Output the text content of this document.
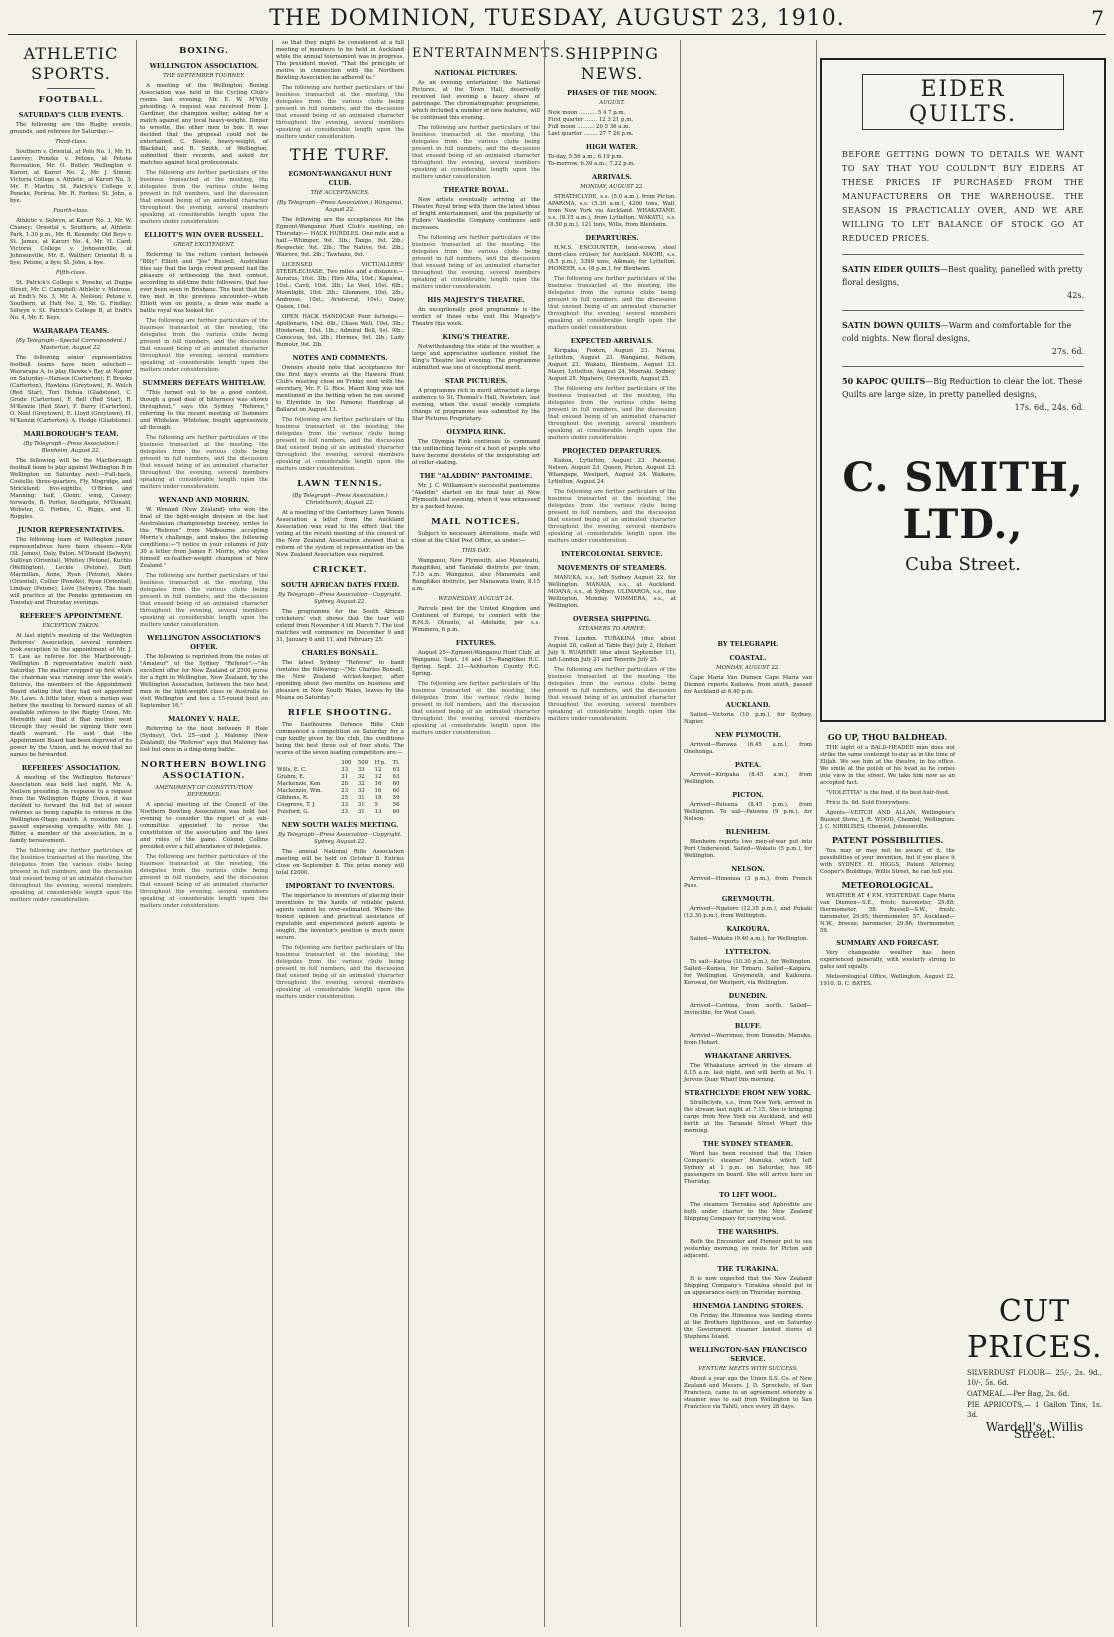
THE DOMINION, TUESDAY, AUGUST 23, 1910.	7
ATHLETIC SPORTS.
FOOTBALL.
SATURDAY'S CLUB EVENTS.

The following are the Rugby events, grounds, and referees for Saturday:—

Third-class.

Southern v. Oriental, at Polo No. 1, Mr. H. Lawvey; Poneke v. Petone, at Petone Recreation, Mr. O. Butler; Wellington v. Karori, at Karori No. 2, Mr. J. Simon; Victoria College v. Athletic, at Karori No. 3, Mr. F. Martin; St. Patrick's College v. Poneke, Porirua, Mr. R. Forbes; St. John, a bye.

Fourth-class.

Athletic v. Selwyn, at Karori No. 3, Mr. W. Chaney; Oriental v. Southern, at Athletic Park, 1.30 p.m., Mr. R. Kennedy; Old Boys v. St. James, at Karori No. 4, Mr. H. Card; Victoria College v. Johnsonville, at Johnsonville, Mr. E. Walther; Oriental B, a bye; Petone, a bye; St. John, a bye.

Fifth-class.

St. Patrick's College v. Poneke, at Duppa Street, Mr. C. Campbell; Athletic v. Melrose, at Endt's No. 3, Mr. A. Neilson; Petone v. Southern, at Hutt No. 2, Mr. G. Findlay; Selwyn v. St. Patrick's College B, at Endt's No. 4, Mr. E. Keys.

WAIRARAPA TEAMS.
(By Telegraph—Special Correspondent.) Masterton, August 22.

The following senior representative football teams have been selected:— Wairarapa A, to play Hawke's Bay at Napier on Saturday—Hansen (Carterton); F. Brooks (Carterton), Hawkins (Greytown), R. Welch (Red Star), Tori Hohua (Gladstone), C. Grode (Carterton), F. Bell (Red Star), R. M'Kenzie (Red Star), F. Barry (Carterton), O. Noel (Greytown), E. Lloyd (Greytown), H. M'Kenzie (Carterton), A. Hodge (Gladstone).

MARLBOROUGH'S TEAM.
(By Telegraph—Press Association.) Blenheim, August 22.

The following will be the Marlborough football team to play against Wellington B in Wellington on Saturday next:—Full-back, Costello; three-quarters, Fly, Mogridge, and Strickland; five-eighths, O'Brien and Manning; half, Glenn; wing, Cassey; forwards, B. Porter, Southgate, M'Donald, Webster, G. Forbes, C. Riggs, and E. Ruggles.

JUNIOR REPRESENTATIVES.

The following team of Wellington junior representatives have been chosen:—Kyle (St. James), Daly, Paton, M'Donald (Selwyn), Sullivan (Oriental), Whitley (Petone), Kuchlo (Wellington), Leckie (Petone), Duff, Macmillan, Anne, Ryan (Petone), Akers (Oriental), Collier (Poneke), Ryan (Oriental), Lindsay (Petone), Love (Selwyn). The team will practice at the Poneke gymnasium on Tuesday and Thursday evenings.

REFEREE'S APPOINTMENT.
EXCEPTION TAKEN.

At last night's meeting of the Wellington Referees' Association, several members took exception to the appointment of Mr. J. T. Law as referee for the Marlborough-Wellington B representative match next Saturday. The matter cropped up first when the chairman was running over the week's fixtures, the members of the Appointment Board stating that they had not appointed Mr. Laws. A little later, when a motion was before the meeting to forward names of all available referees to the Rugby Union, Mr. Meredith said that if that motion went through they would be signing their own death warrant. He said that the Appointment Board had been deprived of its power by the Union, and he moved that no names be forwarded.

REFEREES' ASSOCIATION.

A meeting of the Wellington Referees' Association was held last night, Mr. A. Neilson presiding. In response to a request from the Wellington Rugby Union, it was decided to forward the full list of senior referees as being capable to referee in the Wellington-Otago match. A resolution was passed expressing sympathy with Mr. J. Ritter, a member of the association, in a family bereavement.

The following are further particulars of the business transacted at the meeting, the delegates from the various clubs being present in full numbers, and the discussion that ensued being of an animated character throughout the evening, several members speaking at considerable length upon the matters under consideration.

BOXING.
WELLINGTON ASSOCIATION.
THE SEPTEMBER TOURNEY.

A meeting of the Wellington Boxing Association was held in the Cycling Club's rooms last evening, Mr. E. W. M'Villy presiding. A request was received from J. Gardiner, the champion welter, asking for a match against any local heavy-weight. Dinner to wrestle, the other men to box. It was decided that the proposal could not be entertained. C. Steele, heavy-weight, of Blackball, and R. Smith, of Wellington, submitted their records, and asked for matches against local professionals.

The following are further particulars of the business transacted at the meeting, the delegates from the various clubs being present in full numbers, and the discussion that ensued being of an animated character throughout the evening, several members speaking at considerable length upon the matters under consideration.

ELLIOTT'S WIN OVER RUSSELL.
GREAT EXCITEMENT.

Referring to the return contest between "Billy" Elliott and "Joe" Russell, Australian files say that the large crowd present had the pleasure of witnessing the best contest, according to old-time fistic followers, that has ever been seen in Brisbane. The bout that the two met in the previous encounter—when Elliott won on points, a draw was made a battle royal was looked for.

The following are further particulars of the business transacted at the meeting, the delegates from the various clubs being present in full numbers, and the discussion that ensued being of an animated character throughout the evening, several members speaking at considerable length upon the matters under consideration.

SUMMERS DEFEATS WHITELAW.

"This turned out to be a good contest, though a good deal of bitterness was shown throughout," says the Sydney "Referee," referring to the recent meeting of Summers and Whitelaw. Whitelaw, fought aggressively all through.

The following are further particulars of the business transacted at the meeting, the delegates from the various clubs being present in full numbers, and the discussion that ensued being of an animated character throughout the evening, several members speaking at considerable length upon the matters under consideration.

WENAND AND MORRIN.

W. Wenand (New Zealand) who won the final of the light-weight division in the last Australasian championship tourney, writes to the "Referee" from Melbourne accepting Morris's challenge, and makes the following conditions:—"I notice in your columns of July 30 a letter from James F. Morris, who styles himself ex-feather-weight champion of New Zealand."

The following are further particulars of the business transacted at the meeting, the delegates from the various clubs being present in full numbers, and the discussion that ensued being of an animated character throughout the evening, several members speaking at considerable length upon the matters under consideration.

WELLINGTON ASSOCIATION'S OFFER.

The following is reprinted from the notes of "Amateur" of the Sydney "Referee":—"An excellent offer for New Zealand of 2500 purse for a fight in Wellington, New Zealand, by the Wellington Association, between the two best men in the light-weight class in Australia to visit Wellington and box a 15-round bout on September 16."

MALONEY V. HALE.

Referring to the bout between P. Hale (Sydney), Oct. 25—and J. Maloney (New Zealand), the "Referee" says that Maloney has lost but once in a ding-dong battle.

NORTHERN BOWLING ASSOCIATION.
AMENDMENT OF CONSTITUTION DEFERRED.

A special meeting of the Council of the Northern Bowling Association was held last evening to consider the report of a sub-committee appointed to revise the constitution of the association and the laws and rules of the game. Colonel Collins presided over a full attendance of delegates.

The following are further particulars of the business transacted at the meeting, the delegates from the various clubs being present in full numbers, and the discussion that ensued being of an animated character throughout the evening, several members speaking at considerable length upon the matters under consideration.

so that they might be considered at a full meeting of members to be held in Auckland while the annual tournament was in progress. The president moved, "That the principle of motive in connection with the Northern Bowling Association be adhered to."

The following are further particulars of the business transacted at the meeting, the delegates from the various clubs being present in full numbers, and the discussion that ensued being of an animated character throughout the evening, several members speaking at considerable length upon the matters under consideration.

THE TURF.
EGMONT-WANGANUI HUNT CLUB.
THE ACCEPTANCES.
(By Telegraph—Press Association.) Wanganui, August 22.

The following are the acceptances for the Egmont-Wanganui Hunt Club's meeting, on Thursday:— HACK HURDLES. One mile and a half.—Whimper, 9st. 3lb.; Tango, 9st. 2lb.; Respecter, 9st. 2lb.; The Native, 9st. 2lb.; Wairere, 9st. 2lb.; Tawhane, 9st.

LICENSED VICTUALLERS' STEEPLECHASE. Two miles and a distance.—Auratus, 10st. 3lb.; Hiro Atta, 10st.; Kapawai, 10st.; Cavil, 10st. 2lb.; Le Veel, 10st. 6lb.; Moonlight, 10st. 2lb.; Glenmore, 10st. 2lb.; Ambrose, 10st.; Aristocrat, 10st.; Daisy Queen, 10st.

OPEN HACK HANDICAP. Four furlongs.—Apollonaris, 10st. 6lb.; Chase Well, 10st. 3lb.; Hinderson, 10st. 1lb.; Admiral Bell, 9st. 9lb.; Canocous, 9st. 2lb.; Hermes, 9st. 2lb.; Lady Rumour, 9st. 2lb.

NOTES AND COMMENTS.

Owners should note that acceptances for the first day's events at the Hawera Hunt Club's meeting close on Friday next with the secretary, Mr. F. G. Rice. Maori King was not mentioned in the betting when he ran second to Elymtide in the Pamono Handicap at Ballarat on August 13.

The following are further particulars of the business transacted at the meeting, the delegates from the various clubs being present in full numbers, and the discussion that ensued being of an animated character throughout the evening, several members speaking at considerable length upon the matters under consideration.

LAWN TENNIS.
(By Telegraph—Press Association.) Christchurch, August 22.

At a meeting of the Canterbury Lawn Tennis Association a letter from the Auckland Association was read to the effect that the voting at the recent meeting of the council of the New Zealand Association showed that a reform of the system of representation on the New Zealand Association was required.

CRICKET.
SOUTH AFRICAN DATES FIXED.
By Telegraph—Press Association—Copyright. Sydney, August 22.

The programme for the South African cricketers' visit shows that the tour will extend from November 4 till March 7. The test matches will commence on December 9 and 31, January 6 and 11, and February 25.

CHARLES BONSALL.

The latest Sydney "Referee" to hand contains the following:—"Mr. Charles Bonsall, the New Zealand wicket-keeper, after spending about two months on business and pleasure in New South Wales, leaves by the Moana on Saturday."

RIFLE SHOOTING.

The Eastbourne Defence Rifle Club commenced a competition on Saturday for a cup kindly given by the club, the conditions being the best three out of four shots. The scores of the seven leading competitors are:—

	300	500	H'p.	Tl.
Wills, E. C.	33	33	12	63
Grahm, E.	31	32	12	63
Mackenzie, Ken	28	32	16	60
Mackenzie, Wm.	23	33	16	60
Gibbons, R.	25	31	18	59
Cosgrove, T. J.	33	31	5	56
Pulsford, G.	33	31	13	60
NEW SOUTH WALES MEETING.
By Telegraph—Press Association—Copyright. Sydney, August 22.

The annual National Rifle Association meeting will be held on October 8. Entries close on September 8. The prize money will total £2000.

IMPORTANT TO INVENTORS.

The importance to inventors of placing their inventions in the hands of reliable patent agents cannot be over-estimated. Where the honest opinion and practical assistance of reputable and experienced patent agents is sought, the inventor's position is much more secure.

The following are further particulars of the business transacted at the meeting, the delegates from the various clubs being present in full numbers, and the discussion that ensued being of an animated character throughout the evening, several members speaking at considerable length upon the matters under consideration.

ENTERTAINMENTS.
NATIONAL PICTURES.

As an evening entertainer, the National Pictures, at the Town Hall, deservedly received last evening a heavy share of patronage. The chromatographic programme, which included a number of new features, will be continued this evening.

The following are further particulars of the business transacted at the meeting, the delegates from the various clubs being present in full numbers, and the discussion that ensued being of an animated character throughout the evening, several members speaking at considerable length upon the matters under consideration.

THEATRE ROYAL.

New artists eventually arriving at the Theatre Royal bring with them the latest ideas of bright entertainment, and the popularity of Fullers' Vaudeville Company continues and increases.

The following are further particulars of the business transacted at the meeting, the delegates from the various clubs being present in full numbers, and the discussion that ensued being of an animated character throughout the evening, several members speaking at considerable length upon the matters under consideration.

HIS MAJESTY'S THEATRE.

An exceptionally good programme is the verdict of those who visit His Majesty's Theatre this week.

KING'S THEATRE.

Notwithstanding the state of the weather, a large and appreciative audience visited the King's Theatre last evening. The programme submitted was one of exceptional merit.

STAR PICTURES.

A programme rich in merit attracted a large audience to St. Thomas's Hall, Newtown, last evening, when the usual weekly complete change of programme was submitted by the Star Pictures Proprietary.

OLYMPIA RINK.

The Olympia Rink continues to command the unflinching favour of a host of people who have become devotees of the invigorating art of roller-skating.

THE "ALADDIN" PANTOMIME.

Mr. J. C. Williamson's successful pantomime "Aladdin" started on its final tour at New Plymouth last evening, when it was witnessed by a packed house.

MAIL NOTICES.

Subject to necessary alterations, mails will close at the Chief Post Office, as under:—

THIS DAY.

Wanganui, New Plymouth, also Manawatu, Rangitikei, and Taranaki districts per train, 7.15 a.m. Wanganui, also Manawatu and Rangitikei districts, per Manawatu train, 8.15 a.m.

WEDNESDAY, AUGUST 24.

Parcels post for the United Kingdom and Continent of Europe, to connect with the R.M.S. Otranto, at Adelaide, per s.s. Wimmera, 6 p.m.

FIXTURES.

August 25—Egmont-Wanganui Hunt Club, at Wanganui. Sept. 14 and 15—Rangitikei R.C. Spring. Sept. 21—Ashburton County R.C. Spring.

The following are further particulars of the business transacted at the meeting, the delegates from the various clubs being present in full numbers, and the discussion that ensued being of an animated character throughout the evening, several members speaking at considerable length upon the matters under consideration.

SHIPPING NEWS.
PHASES OF THE MOON.
AUGUST.
New moon .......... 5 4 7 p.m.
First quarter ....... 12 3 21 p.m.
Full moon .......... 20 5 36 a.m.
Last quarter ........ 27 7 26 p.m.
HIGH WATER.
To-day, 5.56 a.m.; 6.19 p.m.
To-morrow, 6.30 a.m.; 7.22 p.m.
ARRIVALS.
MONDAY, AUGUST 22.

STRATHCLYDE, s.s. (5.0 a.m.), from Picton. APARIMA, s.s. (5.30 a.m.), 4200 tons, Wall, from New York via Auckland. WHAKATANE, s.s. (8.15 a.m.), from Lyttelton. WAKATU, s.s. (8.50 p.m.), 121 tons, Wills, from Blenheim.

DEPARTURES.

H.M.S. ENCOUNTER, twin-screw, steel third-class cruiser, for Auckland. MAORI, s.s. (8.5 p.m.), 3399 tons, Aikman, for Lyttelton. PIONEER, s.s. (8 p.m.), for Blenheim.

The following are further particulars of the business transacted at the meeting, the delegates from the various clubs being present in full numbers, and the discussion that ensued being of an animated character throughout the evening, several members speaking at considerable length upon the matters under consideration.

EXPECTED ARRIVALS.

Kiripaka, Foxton, August 23. Navua, Lyttelton, August 23. Wanganui, Nelson, August 23. Wakatu, Blenheim, August 23. Maori, Lyttelton, August 24. Moeraki, Sydney, August 25. Ngahere, Greymouth, August 25.

The following are further particulars of the business transacted at the meeting, the delegates from the various clubs being present in full numbers, and the discussion that ensued being of an animated character throughout the evening, several members speaking at considerable length upon the matters under consideration.

PROJECTED DEPARTURES.

Kaitoa, Lyttelton, August 23. Pateena, Nelson, August 23. Queen, Picton, August 23. Whangape, Westport, August 24. Waikare, Lyttelton, August 24.

The following are further particulars of the business transacted at the meeting, the delegates from the various clubs being present in full numbers, and the discussion that ensued being of an animated character throughout the evening, several members speaking at considerable length upon the matters under consideration.

INTERCOLONIAL SERVICE.
MOVEMENTS OF STEAMERS.

MANUKA, s.s., left Sydney August 22, for Wellington. MANAIA, s.s., at Auckland. MOANA, s.s., at Sydney. ULIMAROA, s.s., due Wellington, Monday. WIMMERA, s.s., at Wellington.

OVERSEA SHIPPING.
STEAMERS TO ARRIVE.

From London. TURAKINA (due about August 28, called at Table Bay) July 2, Hobart July 9. RUAHINE (due about September 11), left London July 21 and Tenerife July 25.

The following are further particulars of the business transacted at the meeting, the delegates from the various clubs being present in full numbers, and the discussion that ensued being of an animated character throughout the evening, several members speaking at considerable length upon the matters under consideration.

BY TELEGRAPH.
COASTAL.
MONDAY, AUGUST 22.

Cape Maria Van Diemen Cape Maria van Diemen reports Kaitawa, from south, passed for Auckland at 6.40 p.m.

AUCKLAND.

Sailed—Victoria (10 p.m.), for Sydney. Napier.

NEW PLYMOUTH.

Arrived—Rarawa (6.45 a.m.), from Onehunga.

PATEA.

Arrived—Kiripaka (8.45 a.m.), from Wellington.

PICTON.

Arrived—Pateena (8.45 p.m.), from Wellington. To sail—Pateena (9 p.m.), for Nelson.

BLENHEIM.

Blenheim reports two men-of-war put into Port Underwood. Sailed—Wakatu (5 p.m.), for Wellington.

NELSON.

Arrived—Hinemoa (3 p.m.), from French Pass.

GREYMOUTH.

Arrived—Ngatoro (12.35 p.m.), and Pukaki (12.30 p.m.), from Wellington.

KAIKOURA.

Sailed—Wakatu (9.40 a.m.), for Wellington.

LYTTELTON.

To sail—Kaitoa (10.30 p.m.), for Wellington. Sailed—Kumea, for Timaru. Sailed—Kaipara, for Wellington, Greymouth, and Kaikoura. Korowai, for Westport, via Wellington.

DUNEDIN.

Arrived—Corinna, from north. Sailed—Invincible, for West Coast.

BLUFF.

Arrived—Warrimoo, from Dunedin; Manuka, from Hobart.

WHAKATANE ARRIVES.

The Whakatane arrived in the stream at 8.15 a.m. last night, and will berth at No. 1 Jervois Quay Wharf this morning.

STRATHCLYDE FROM NEW YORK.

Strathclyde, s.s., from New York, arrived in the stream last night at 7.15. She is bringing cargo from New York via Auckland, and will berth at the Taranaki Street Wharf this morning.

THE SYDNEY STEAMER.

Word has been received that the Union Company's steamer Manuka, which left Sydney at 1 p.m. on Saturday, has 98 passengers on board. She will arrive here on Thursday.

TO LIFT WOOL.

The steamers Terrakea and Aphrodite are both under charter to the New Zealand Shipping Company for carrying wool.

THE WARSHIPS.

Both the Encounter and Pioneer put to sea yesterday morning, on route for Picton and adjacent.

THE TURAKINA.

It is now expected that the New Zealand Shipping Company's Turakina should put in an appearance early on Thursday morning.

HINEMOA LANDING STORES.

On Friday the Hinemoa was landing stores at the Brothers lighthouse, and on Saturday the Government steamer landed stores at Stephens Island.

WELLINGTON-SAN FRANCISCO SERVICE.
VENTURE MEETS WITH SUCCESS.

About a year ago the Union S.S. Co. of New Zealand and Messrs. J. D. Spreckels, of San Francisco, came to an agreement whereby a steamer was to sail from Wellington to San Francisco via Tahiti, once every 28 days.

EIDER QUILTS.
BEFORE GETTING DOWN TO DETAILS WE WANT TO SAY THAT YOU COULDN'T BUY EIDERS AT THESE PRICES IF PURCHASED FROM THE MANUFACTURERS OR THE WAREHOUSE. THE SEASON IS PRACTICALLY OVER, AND WE ARE WILLING TO LET BALANCE OF STOCK GO AT REDUCED PRICES.
SATIN EIDER QUILTS—Best quality, panelled with pretty floral designs,
42s.
SATIN DOWN QUILTS—Warm and comfortable for the cold nights. New floral designs,
27s. 6d.
50 KAPOC QUILTS—Big Reduction to clear the lot. These Quilts are large size, in pretty panelled designs,
17s. 6d., 24s. 6d.
C. SMITH, LTD.,
Cuba Street.
GO UP, THOU BALDHEAD.

THE sight of a BALD-HEADED man does not strike the same contempt to-day as in the time of Elijah. We see him at the theatre, in his office. We smile at the polish of his head as he comes into view in the street. We take him now as an accepted fact.

"VIOLETTIA" is the food, if its best hair-food.

Price 3s. 6d. Sold Everywhere.

Agents—VEITCH AND ALLAN, Wellington's Busiest Store; J. R. WOOD, Chemist, Wellington; J. C. NIBBLISES, Chemist, Johnsonville.

PATENT POSSIBILITIES.

You may or may not be aware of it, the possibilities of your invention, but if you place it with SYDNEY H. HIGGS, Patent Attorney, Cooper's Buildings, Willis Street, he can tell you.

METEOROLOGICAL.

WEATHER AT 4 P.M. YESTERDAY. Cape Maria van Diemen—S.E., fresh; barometer, 29.88; thermometer, 58. Russell—S.W., fresh; barometer, 29.95; thermometer, 57. Auckland—N.W., breeze; barometer, 29.86; thermometer, 59.

SUMMARY AND FORECAST.

Very changeable weather has been experienced generally, with westerly strong to gales and squally.

Meteorological Office, Wellington, August 22, 1910. D. C. BATES.

CUT PRICES.
SILVERDUST FLOUR— 25/-, 2s. 9d., 10/-, 5s. 6d.
OATMEAL.—Per Bag, 2s. 6d.
PIE APRICOTS,— 1 Gallon Tins, 1s. 3d.
Wardell's, Willis Street.
